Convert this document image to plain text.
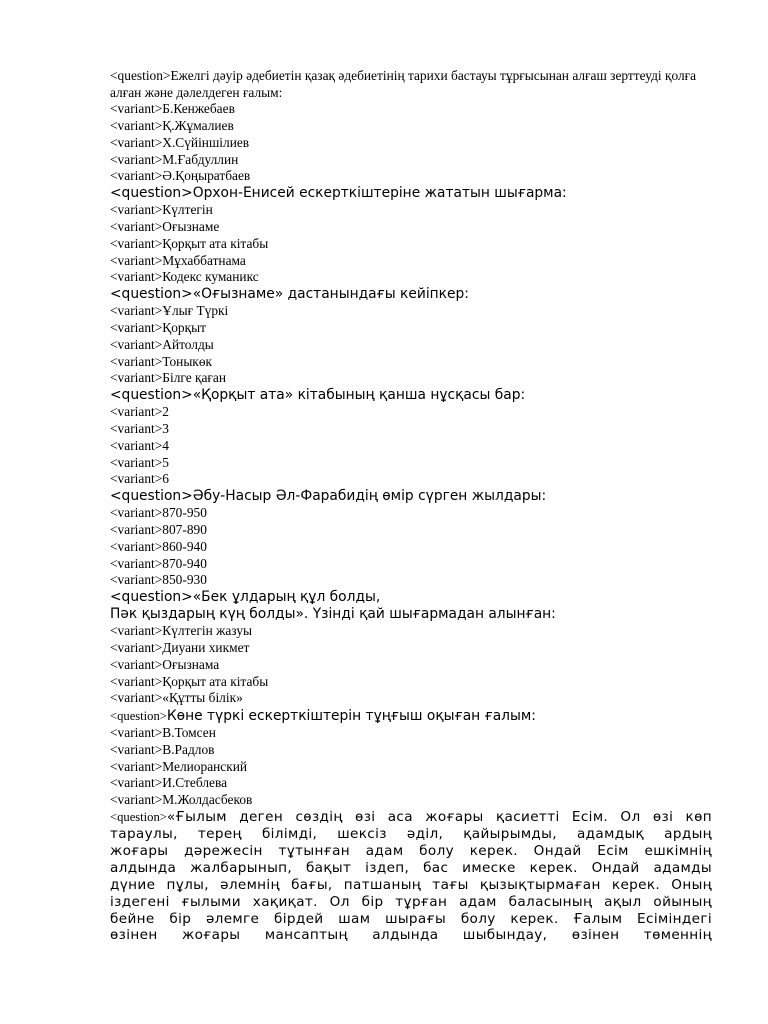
<question>Ежелгі дәуір әдебиетін қазақ әдебиетінің тарихи бастауы тұрғысынан алғаш зерттеуді қолға алған және дәлелдеген ғалым:
<variant>Б.Кенжебаев
<variant>Қ.Жұмалиев
<variant>Х.Сүйіншілиев
<variant>М.Ғабдуллин
<variant>Ә.Қоңыратбаев
<question>Орхон-Енисей ескерткіштеріне жататын шығарма:
<variant>Күлтегін
<variant>Оғызнаме
<variant>Қорқыт ата кітабы
<variant>Мұхаббатнама
<variant>Кодекс куманикс
<question>«Оғызнаме» дастанындағы кейіпкер:
<variant>Ұлығ Түркі
<variant>Қорқыт
<variant>Айтолды
<variant>Тоныкөк
<variant>Білге қаған
<question>«Қорқыт ата» кітабының қанша нұсқасы бар:
<variant>2
<variant>3
<variant>4
<variant>5
<variant>6
<question>Әбу-Насыр Әл-Фарабидің өмір сүрген жылдары:
<variant>870-950
<variant>807-890
<variant>860-940
<variant>870-940
<variant>850-930
<question>«Бек ұлдарың құл болды,
Пәк қыздарың күң болды». Үзінді қай шығармадан алынған:
<variant>Күлтегін жазуы
<variant>Диуани хикмет
<variant>Оғызнама
<variant>Қорқыт ата кітабы
<variant>«Құтты білік»
<question>Көне түркі ескерткіштерін тұңғыш оқыған ғалым:
<variant>В.Томсен
<variant>В.Радлов
<variant>Мелиоранский
<variant>И.Стеблева
<variant>М.Жолдасбеков
<question>«Ғылым деген сөздің өзі аса жоғары қасиетті Есім. Ол өзі көп
тараулы, терең білімді, шексіз әділ, қайырымды, адамдық ардың
жоғары дәрежесін тұтынған адам болу керек. Ондай Есім ешкімнің
алдында жалбарынып, бақыт іздеп, бас имеске керек. Ондай адамды
дүние пұлы, әлемнің бағы, патшаның тағы қызықтырмаған керек. Оның
іздегені ғылыми хақиқат. Ол бір тұрған адам баласының ақыл ойының
бейне бір әлемге бірдей шам шырағы болу керек. Ғалым Есіміндегі
өзінен жоғары мансаптың алдында шыбындау, өзінен төменнің
